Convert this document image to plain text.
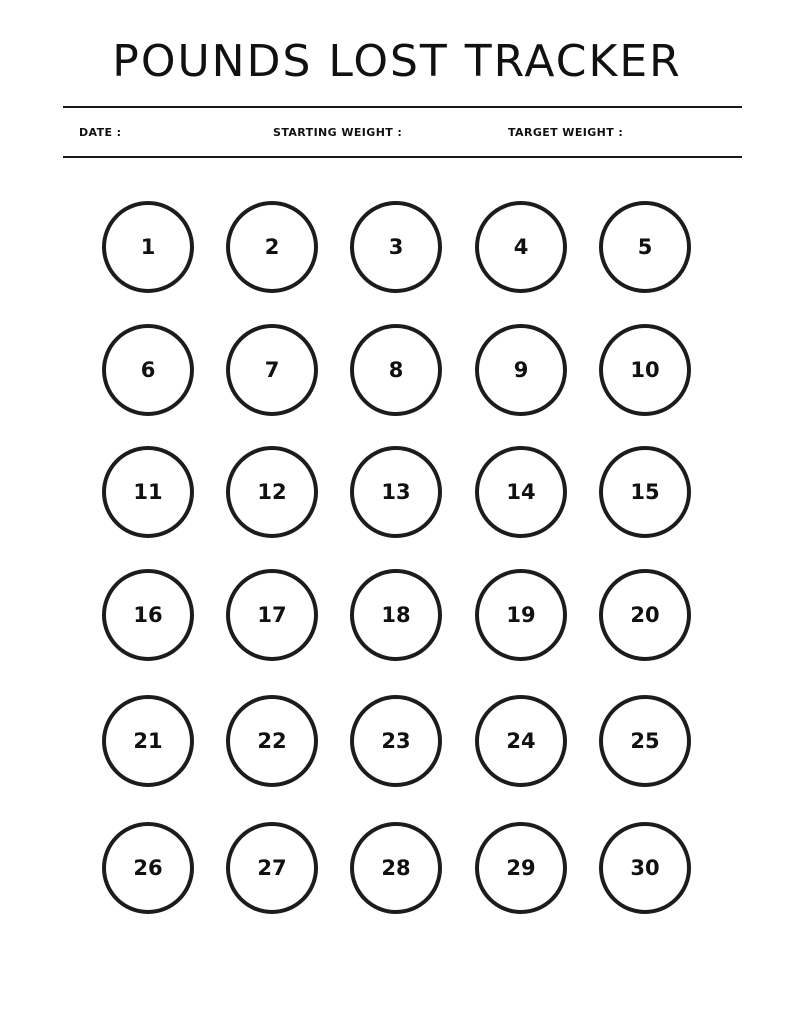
POUNDS LOST TRACKER
DATE :	STARTING WEIGHT :	TARGET WEIGHT :
1	2	3	4	5
6	7	8	9	10
11	12	13	14	15
16	17	18	19	20
21	22	23	24	25
26	27	28	29	30
